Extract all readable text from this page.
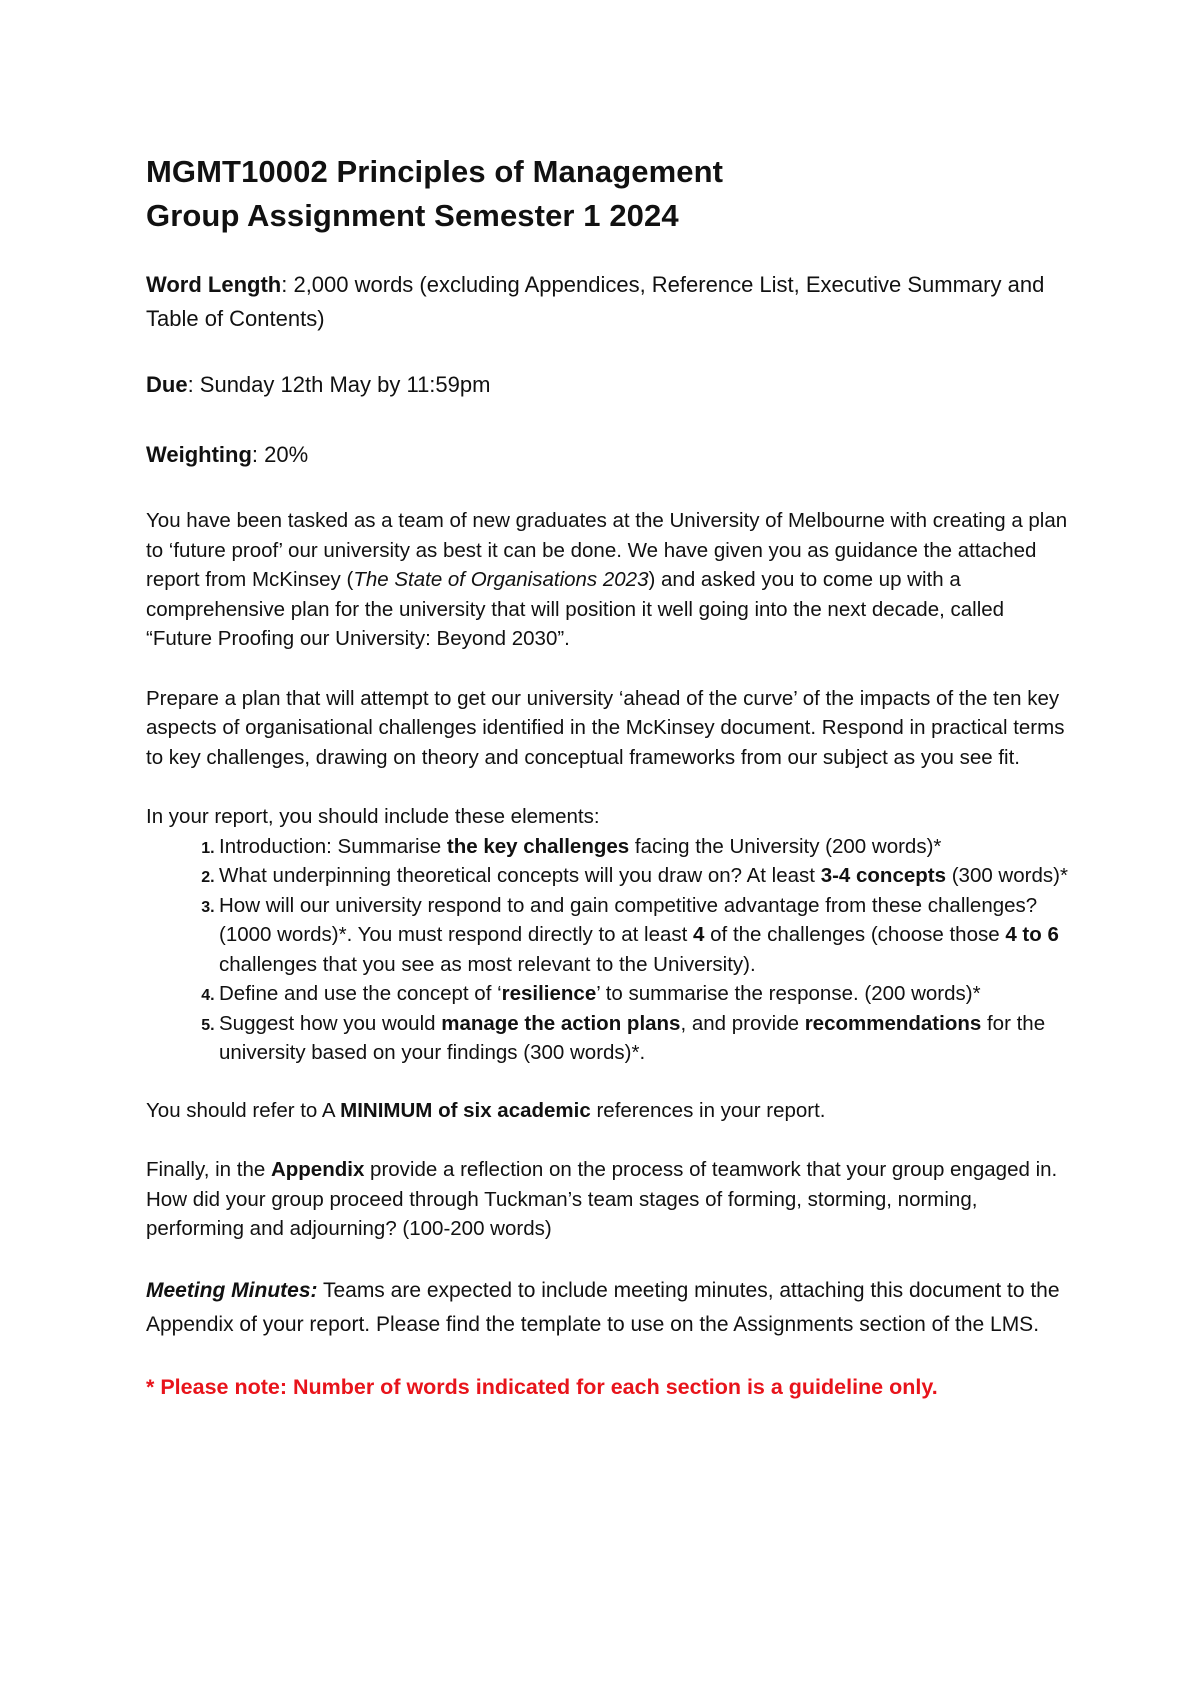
MGMT10002 Principles of Management
Group Assignment Semester 1 2024

Word Length: 2,000 words (excluding Appendices, Reference List, Executive Summary and Table of Contents)

Due: Sunday 12th May by 11:59pm

Weighting: 20%

You have been tasked as a team of new graduates at the University of Melbourne with creating a plan to ‘future proof’ our university as best it can be done. We have given you as guidance the attached report from McKinsey (The State of Organisations 2023) and asked you to come up with a comprehensive plan for the university that will position it well going into the next decade, called “Future Proofing our University: Beyond 2030”.

Prepare a plan that will attempt to get our university ‘ahead of the curve’ of the impacts of the ten key aspects of organisational challenges identified in the McKinsey document. Respond in practical terms to key challenges, drawing on theory and conceptual frameworks from our subject as you see fit.

In your report, you should include these elements:

1. Introduction: Summarise the key challenges facing the University (200 words)*
2. What underpinning theoretical concepts will you draw on? At least 3-4 concepts (300 words)*
3. How will our university respond to and gain competitive advantage from these challenges? (1000 words)*. You must respond directly to at least 4 of the challenges (choose those 4 to 6 challenges that you see as most relevant to the University).
4. Define and use the concept of ‘resilience’ to summarise the response. (200 words)*
5. Suggest how you would manage the action plans, and provide recommendations for the university based on your findings (300 words)*.

You should refer to A MINIMUM of six academic references in your report.

Finally, in the Appendix provide a reflection on the process of teamwork that your group engaged in. How did your group proceed through Tuckman’s team stages of forming, storming, norming, performing and adjourning? (100-200 words)

Meeting Minutes: Teams are expected to include meeting minutes, attaching this document to the Appendix of your report. Please find the template to use on the Assignments section of the LMS.

* Please note: Number of words indicated for each section is a guideline only.
